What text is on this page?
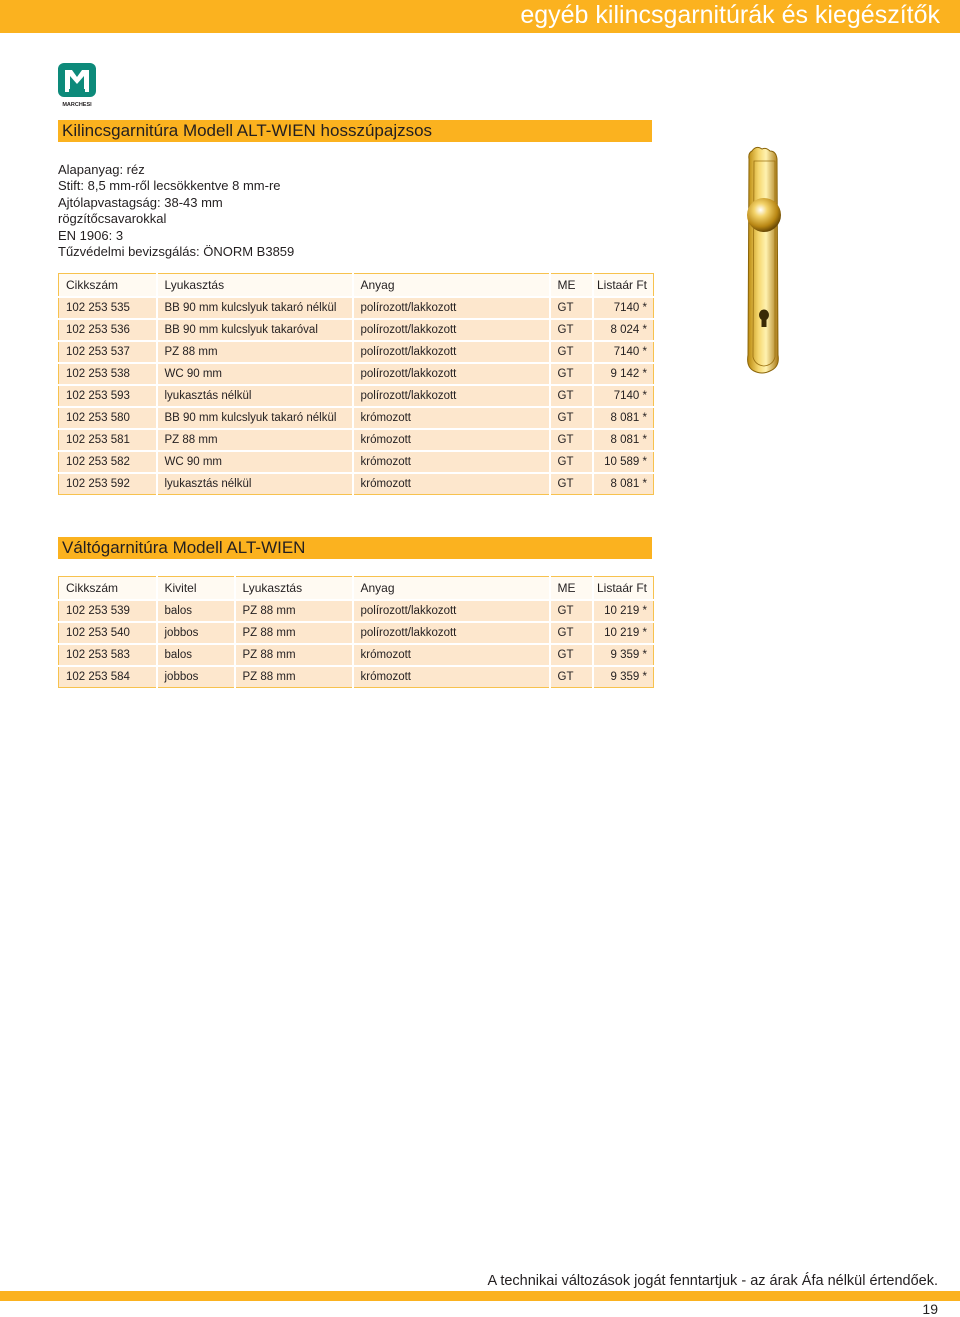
egyéb kilincsgarnitúrák és kiegészítők
MARCHESI
Kilincsgarnitúra Modell ALT-WIEN hosszúpajzsos
Alapanyag: réz
Stift: 8,5 mm-ről lecsökkentve 8 mm-re
Ajtólapvastagság: 38-43 mm
rögzítőcsavarokkal
EN 1906: 3
Tűzvédelmi bevizsgálás: ÖNORM B3859
Cikkszám	Lyukasztás	Anyag	ME	Listaár Ft
102 253 535	BB 90 mm kulcslyuk takaró nélkül	polírozott/lakkozott	GT	7140 *
102 253 536	BB 90 mm kulcslyuk takaróval	polírozott/lakkozott	GT	8 024 *
102 253 537	PZ 88 mm	polírozott/lakkozott	GT	7140 *
102 253 538	WC 90 mm	polírozott/lakkozott	GT	9 142 *
102 253 593	lyukasztás nélkül	polírozott/lakkozott	GT	7140 *
102 253 580	BB 90 mm kulcslyuk takaró nélkül	krómozott	GT	8 081 *
102 253 581	PZ 88 mm	krómozott	GT	8 081 *
102 253 582	WC 90 mm	krómozott	GT	10 589 *
102 253 592	lyukasztás nélkül	krómozott	GT	8 081 *
Váltógarnitúra Modell ALT-WIEN
Cikkszám	Kivitel	Lyukasztás	Anyag	ME	Listaár Ft
102 253 539	balos	PZ 88 mm	polírozott/lakkozott	GT	10 219 *
102 253 540	jobbos	PZ 88 mm	polírozott/lakkozott	GT	10 219 *
102 253 583	balos	PZ 88 mm	krómozott	GT	9 359 *
102 253 584	jobbos	PZ 88 mm	krómozott	GT	9 359 *
A technikai változások jogát fenntartjuk - az árak Áfa nélkül értendőek.
19
